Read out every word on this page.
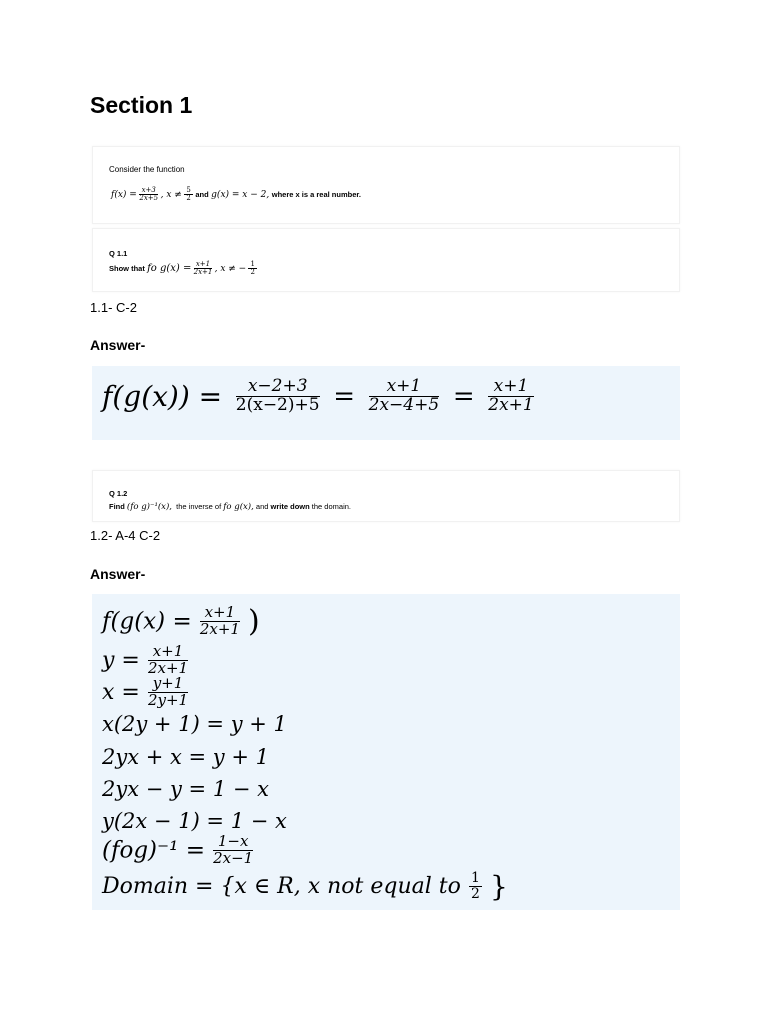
Section 1
Consider the function
$f(x) = \frac{x+3}{2x+5}$ , $x \ne \frac{5}{2}$ and g(x) = x − 2, where x is a real number.
Q 1.1
Show that fo $g(x) = \frac{x+1}{2x+1}$ , x ≠ − $\frac{1}{2}$
1.1- C-2
Answer-
$f(g(x)) = \frac{x-2+3}{2(x-2)+5} = \frac{x+1}{2x-4+5} = \frac{x+1}{2x+1}$
Q 1.2
Find (fo g)⁻¹(x), the inverse of fo g(x), and write down the domain.
1.2- A-4 C-2
Answer-
$f(g(x) = \frac{x+1}{2x+1}$ )
$y = \frac{x+1}{2x+1}$
$x = \frac{y+1}{2y+1}$
x(2y + 1) = y + 1
2yx + x = y + 1
2yx − y = 1 − x
y(2x − 1) = 1 − x
$(fog)^{-1} = \frac{1-x}{2x-1}$
Domain = {x ∈ R, x not equal to $\frac{1}{2}$ }
